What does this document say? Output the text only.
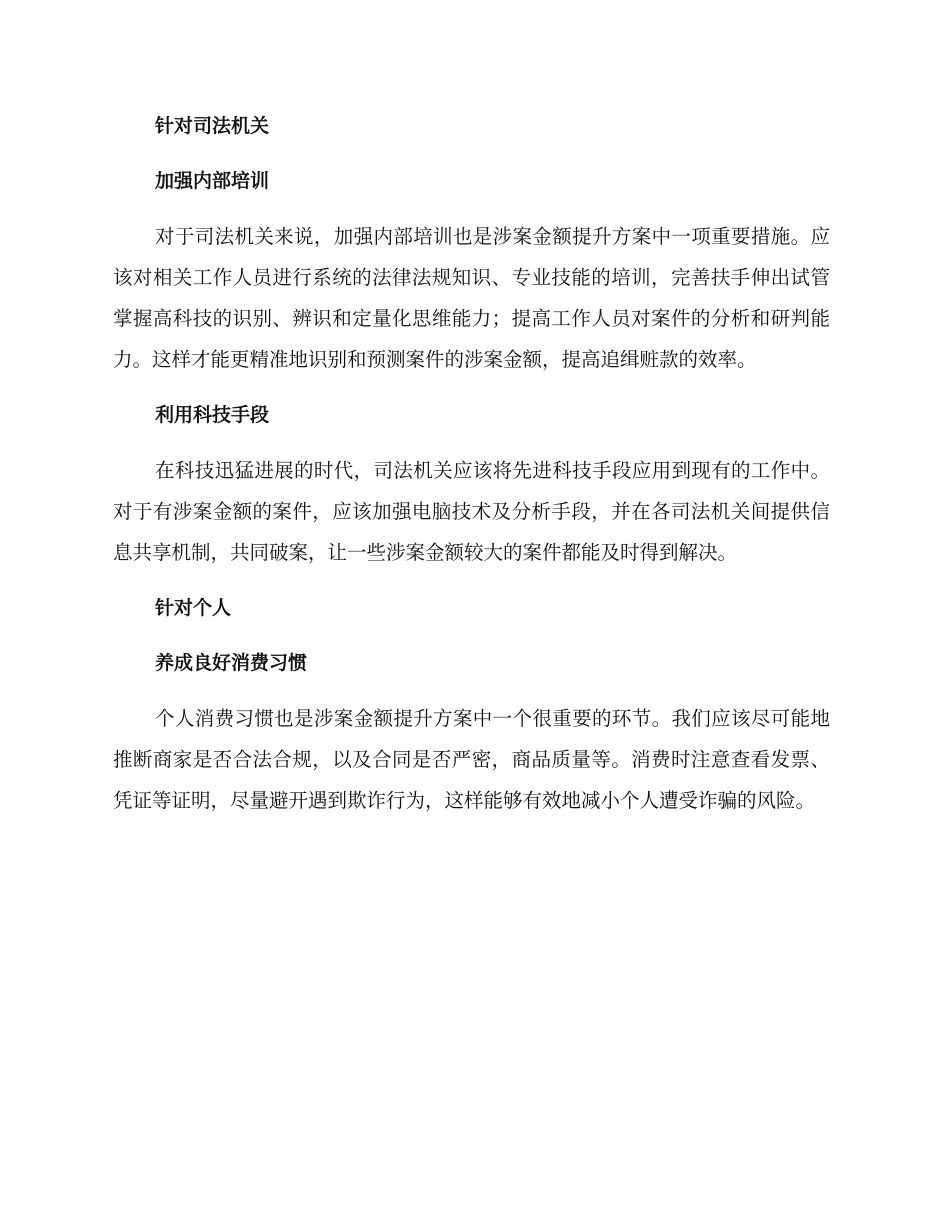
针对司法机关
加强内部培训
对于司法机关来说，加强内部培训也是涉案金额提升方案中一项重要措施。应该对相关工作人员进行系统的法律法规知识、专业技能的培训，完善扶手伸出试管掌握高科技的识别、辨识和定量化思维能力；提高工作人员对案件的分析和研判能力。这样才能更精准地识别和预测案件的涉案金额，提高追缉赃款的效率。
利用科技手段
在科技迅猛进展的时代，司法机关应该将先进科技手段应用到现有的工作中。对于有涉案金额的案件，应该加强电脑技术及分析手段，并在各司法机关间提供信息共享机制，共同破案，让一些涉案金额较大的案件都能及时得到解决。
针对个人
养成良好消费习惯
个人消费习惯也是涉案金额提升方案中一个很重要的环节。我们应该尽可能地推断商家是否合法合规，以及合同是否严密，商品质量等。消费时注意查看发票、凭证等证明，尽量避开遇到欺诈行为，这样能够有效地减小个人遭受诈骗的风险。
